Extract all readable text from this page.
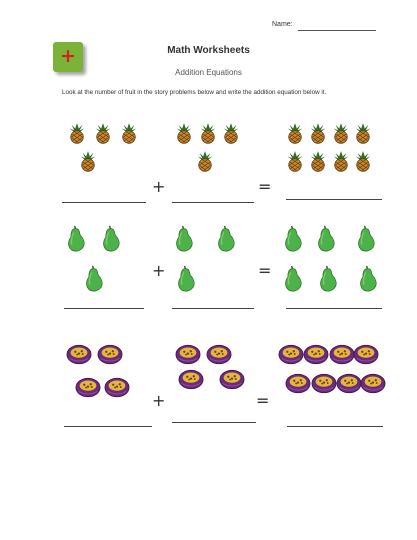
Name:
+	Math Worksheets
Addition Equations
Look at the number of fruit in the story problems below and write the addition equation below it.
+	=
+	=
+	=
